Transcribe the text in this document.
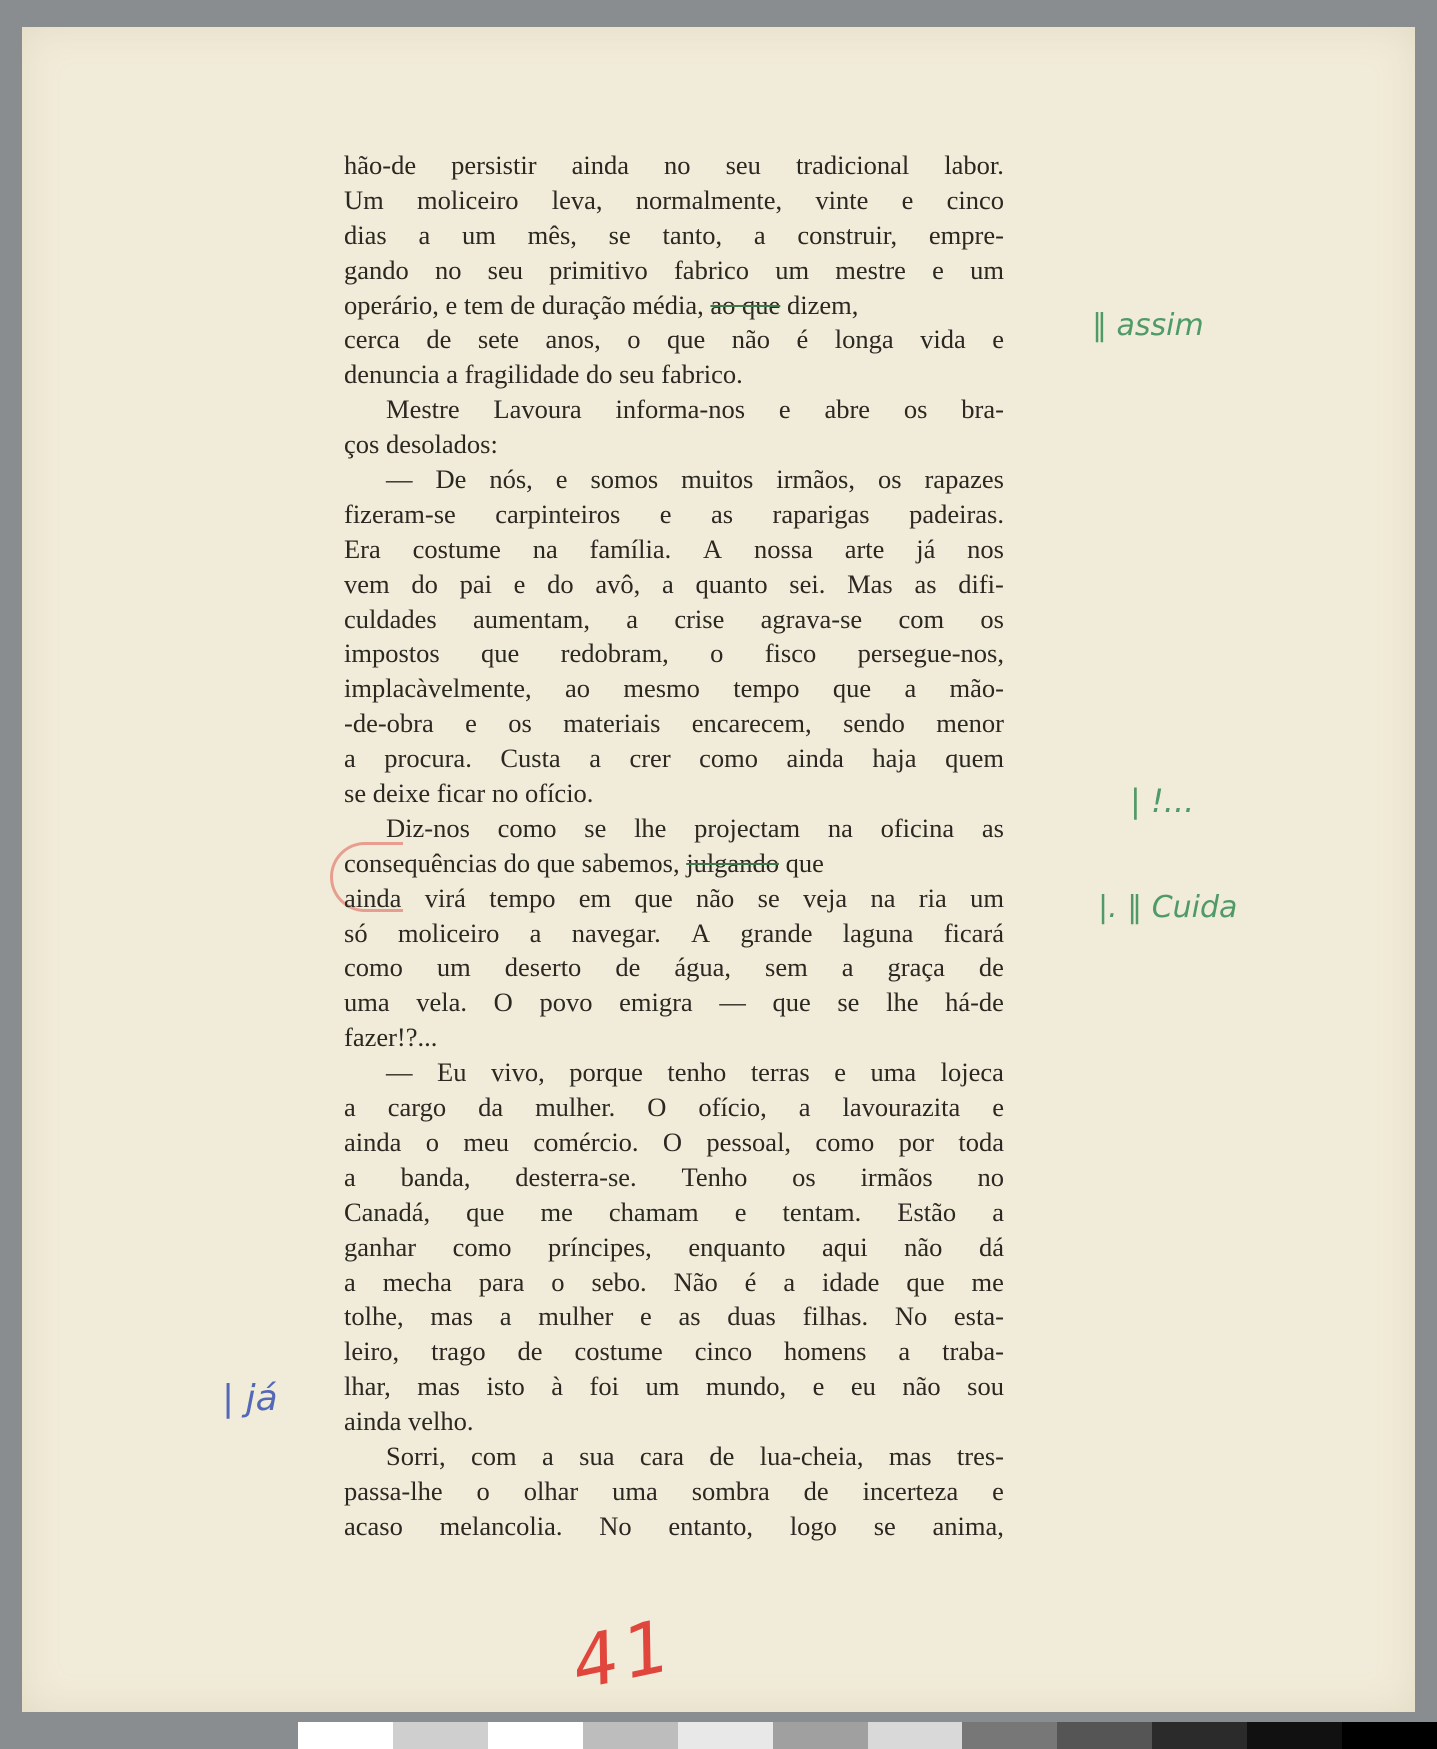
hão-de persistir ainda no seu tradicional labor.
Um moliceiro leva, normalmente, vinte e cinco
dias a um mês, se tanto, a construir, empre-
gando no seu primitivo fabrico um mestre e um
operário, e tem de duração média, ao que dizem,
cerca de sete anos, o que não é longa vida e
denuncia a fragilidade do seu fabrico.
Mestre Lavoura informa-nos e abre os bra-
ços desolados:
— De nós, e somos muitos irmãos, os rapazes
fizeram-se carpinteiros e as raparigas padeiras.
Era costume na família. A nossa arte já nos
vem do pai e do avô, a quanto sei. Mas as difi-
culdades aumentam, a crise agrava-se com os
impostos que redobram, o fisco persegue-nos,
implacàvelmente, ao mesmo tempo que a mão-
-de-obra e os materiais encarecem, sendo menor
a procura. Custa a crer como ainda haja quem
se deixe ficar no ofício.
Diz-nos como se lhe projectam na oficina as
consequências do que sabemos, julgando que
ainda virá tempo em que não se veja na ria um
só moliceiro a navegar. A grande laguna ficará
como um deserto de água, sem a graça de
uma vela. O povo emigra — que se lhe há-de
fazer!?...
— Eu vivo, porque tenho terras e uma lojeca
a cargo da mulher. O ofício, a lavourazita e
ainda o meu comércio. O pessoal, como por toda
a banda, desterra-se. Tenho os irmãos no
Canadá, que me chamam e tentam. Estão a
ganhar como príncipes, enquanto aqui não dá
a mecha para o sebo. Não é a idade que me
tolhe, mas a mulher e as duas filhas. No esta-
leiro, trago de costume cinco homens a traba-
lhar, mas isto à foi um mundo, e eu não sou
ainda velho.
Sorri, com a sua cara de lua-cheia, mas tres-
passa-lhe o olhar uma sombra de incerteza e
acaso melancolia. No entanto, logo se anima,
‖ assim
| !...
|. ‖ Cuida
| já
41
